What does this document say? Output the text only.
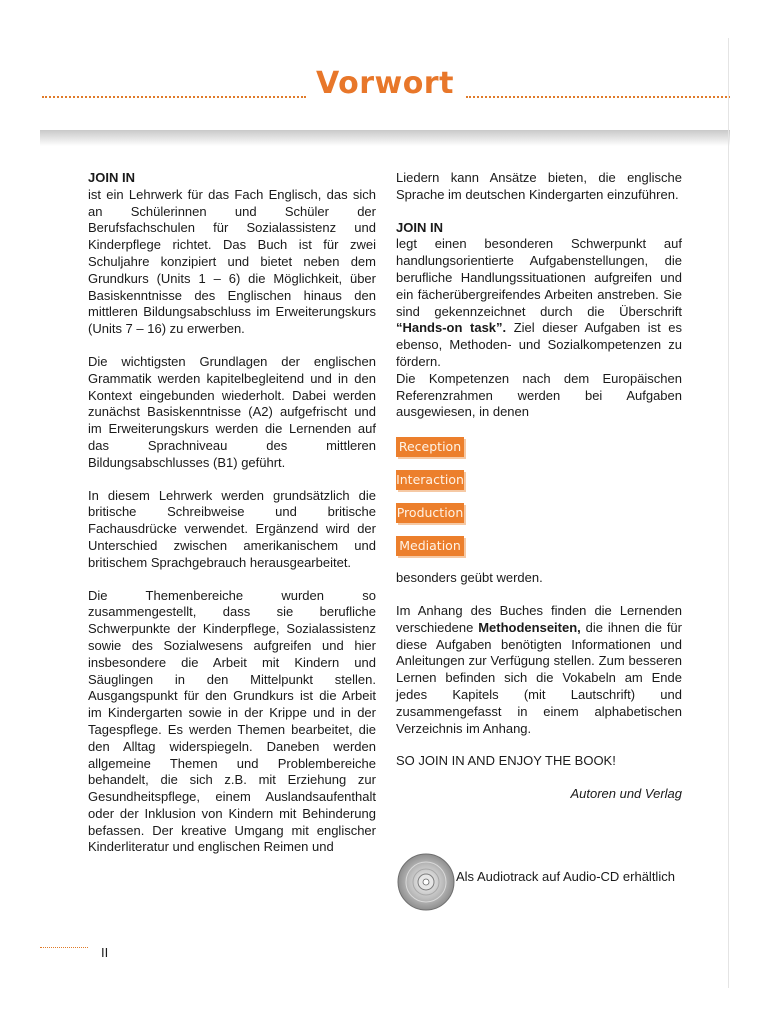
Vorwort

JOIN IN
ist ein Lehrwerk für das Fach Englisch, das sich an Schülerinnen und Schüler der Berufsfachschulen für Sozialassistenz und Kinderpflege richtet. Das Buch ist für zwei Schuljahre konzipiert und bietet neben dem Grundkurs (Units 1 – 6) die Möglichkeit, über Basiskenntnisse des Englischen hinaus den mittleren Bildungsabschluss im Erweiterungskurs (Units 7 – 16) zu erwerben.

Die wichtigsten Grundlagen der englischen Grammatik werden kapitelbegleitend und in den Kontext eingebunden wiederholt. Dabei werden zunächst Basiskenntnisse (A2) aufgefrischt und im Erweiterungskurs werden die Lernenden auf das Sprachniveau des mittleren Bildungsabschlusses (B1) geführt.

In diesem Lehrwerk werden grundsätzlich die britische Schreibweise und britische Fachausdrücke verwendet. Ergänzend wird der Unterschied zwischen amerikanischem und britischem Sprachgebrauch herausgearbeitet.

Die Themenbereiche wurden so zusammengestellt, dass sie berufliche Schwerpunkte der Kinderpflege, Sozialassistenz sowie des Sozialwesens aufgreifen und hier insbesondere die Arbeit mit Kindern und Säuglingen in den Mittelpunkt stellen. Ausgangspunkt für den Grundkurs ist die Arbeit im Kindergarten sowie in der Krippe und in der Tagespflege. Es werden Themen bearbeitet, die den Alltag widerspiegeln. Daneben werden allgemeine Themen und Problembereiche behandelt, die sich z.B. mit Erziehung zur Gesundheitspflege, einem Auslandsaufenthalt oder der Inklusion von Kindern mit Behinderung befassen. Der kreative Umgang mit englischer Kinderliteratur und englischen Reimen und

Liedern kann Ansätze bieten, die englische Sprache im deutschen Kindergarten einzuführen.

JOIN IN
legt einen besonderen Schwerpunkt auf handlungsorientierte Aufgabenstellungen, die berufliche Handlungssituationen aufgreifen und ein fächerübergreifendes Arbeiten anstreben. Sie sind gekennzeichnet durch die Überschrift “Hands-on task”. Ziel dieser Aufgaben ist es ebenso, Methoden- und Sozialkompetenzen zu fördern.
Die Kompetenzen nach dem Europäischen Referenzrahmen werden bei Aufgaben ausgewiesen, in denen

Reception
Interaction
Production
Mediation

besonders geübt werden.

Im Anhang des Buches finden die Lernenden verschiedene Methodenseiten, die ihnen die für diese Aufgaben benötigten Informationen und Anleitungen zur Verfügung stellen. Zum besseren Lernen befinden sich die Vokabeln am Ende jedes Kapitels (mit Lautschrift) und zusammengefasst in einem alphabetischen Verzeichnis im Anhang.

SO JOIN IN AND ENJOY THE BOOK!

Autoren und Verlag

Als Audiotrack auf Audio-CD erhältlich
II
